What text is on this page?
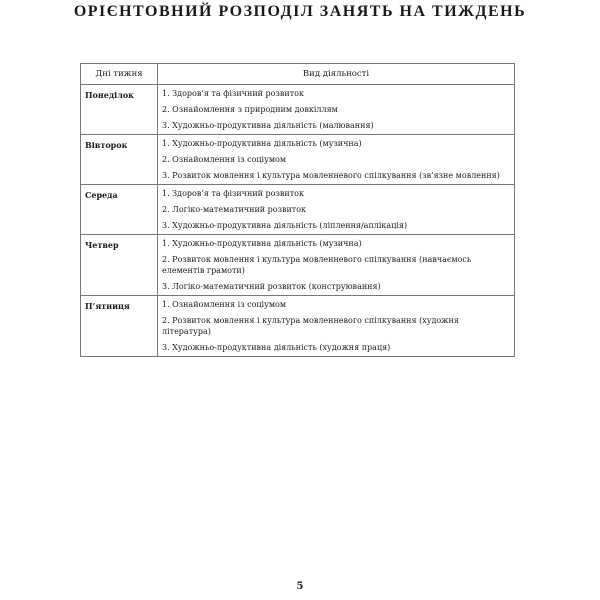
ОРІЄНТОВНИЙ РОЗПОДІЛ ЗАНЯТЬ НА ТИЖДЕНЬ
Дні тижня	Вид діяльності
Понеділок	1. Здоров’я та фізичний розвиток
2. Ознайомлення з природним довкіллям
3. Художньо-продуктивна діяльність (малювання)

Вівторок	1. Художньо-продуктивна діяльність (музична)
2. Ознайомлення із соціумом
3. Розвиток мовлення і культура мовленневого спілкування (зв’язне мовлення)

Середа	1. Здоров’я та фізичний розвиток
2. Логіко-математичний розвиток
3. Художньо-продуктивна діяльність (ліплення/аплікація)

Четвер	1. Художньо-продуктивна діяльність (музична)
2. Розвиток мовлення і культура мовленневого спілкування (навчаємось елементів грамоти)
3. Логіко-математичний розвиток (конструювання)

П’ятниця	1. Ознайомлення із соціумом
2. Розвиток мовлення і культура мовленневого спілкування (художня література)
3. Художньо-продуктивна діяльність (художня праця)
5
